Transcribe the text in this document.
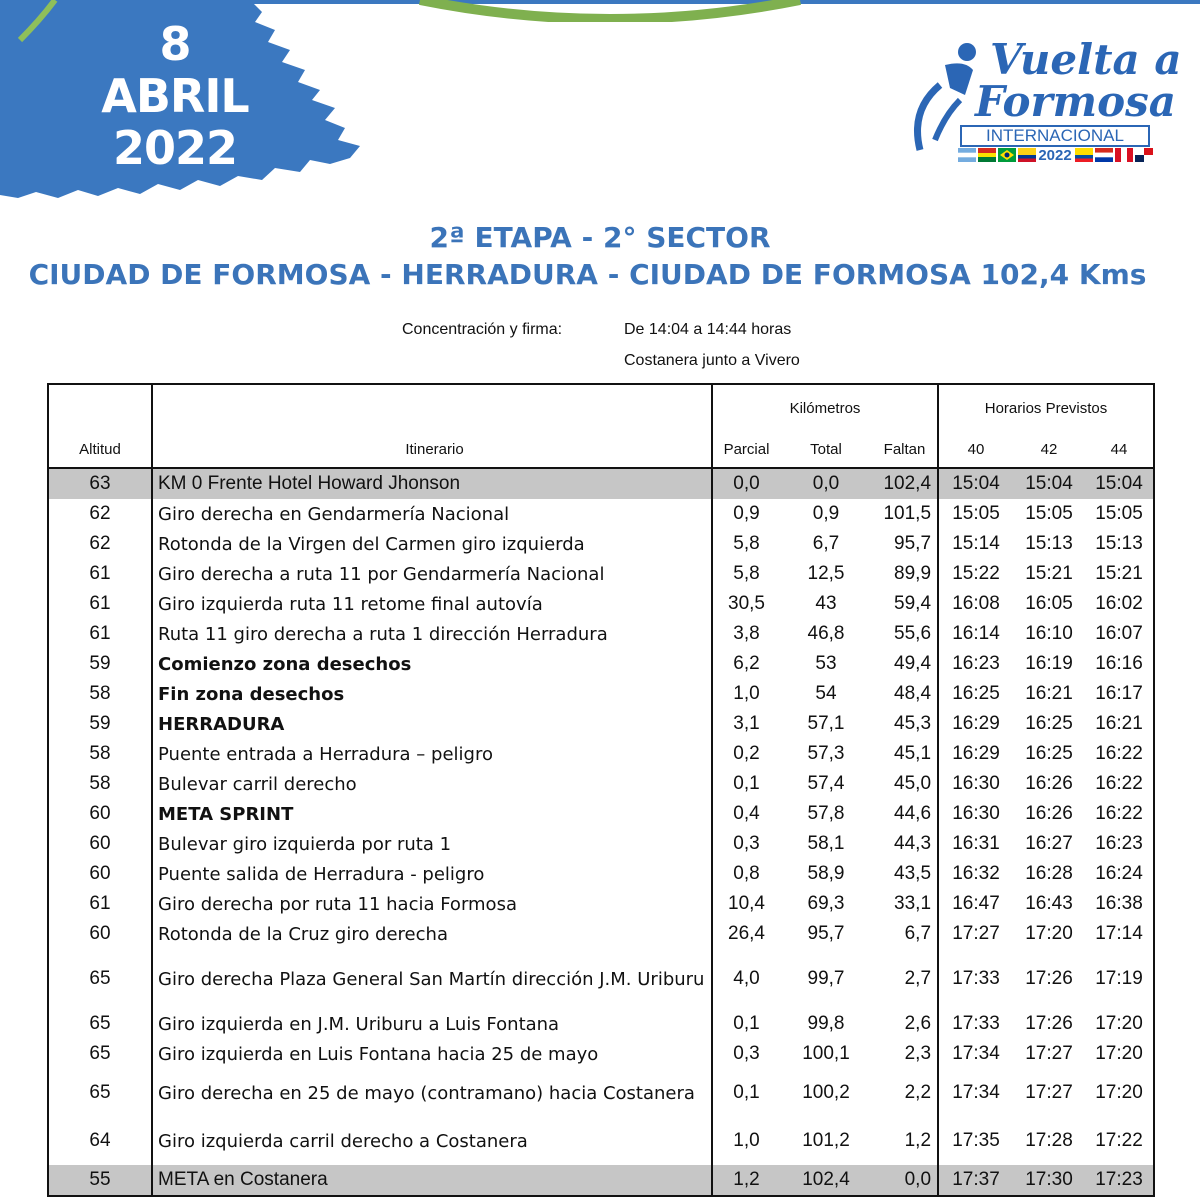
8
ABRIL
2022
Vuelta a
Formosa
INTERNACIONAL
2022
2ª ETAPA - 2° SECTOR
CIUDAD DE FORMOSA - HERRADURA - CIUDAD DE FORMOSA 102,4 Kms
Concentración y firma:	De 14:04 a 14:44 horas
Costanera junto a Vivero
		Kilómetros			Horarios Previstos		
Altitud	Itinerario	Parcial	Total	Faltan	40	42	44
63	KM 0 Frente Hotel Howard Jhonson	0,0	0,0	102,4	15:04	15:04	15:04
62	Giro derecha en Gendarmería Nacional	0,9	0,9	101,5	15:05	15:05	15:05
62	Rotonda de la Virgen del Carmen giro izquierda	5,8	6,7	95,7	15:14	15:13	15:13
61	Giro derecha a ruta 11 por Gendarmería Nacional	5,8	12,5	89,9	15:22	15:21	15:21
61	Giro izquierda ruta 11 retome final autovía	30,5	43	59,4	16:08	16:05	16:02
61	Ruta 11 giro derecha a ruta 1 dirección Herradura	3,8	46,8	55,6	16:14	16:10	16:07
59	Comienzo zona desechos	6,2	53	49,4	16:23	16:19	16:16
58	Fin zona desechos	1,0	54	48,4	16:25	16:21	16:17
59	HERRADURA	3,1	57,1	45,3	16:29	16:25	16:21
58	Puente entrada a Herradura – peligro	0,2	57,3	45,1	16:29	16:25	16:22
58	Bulevar carril derecho	0,1	57,4	45,0	16:30	16:26	16:22
60	META SPRINT	0,4	57,8	44,6	16:30	16:26	16:22
60	Bulevar giro izquierda por ruta 1	0,3	58,1	44,3	16:31	16:27	16:23
60	Puente salida de Herradura - peligro	0,8	58,9	43,5	16:32	16:28	16:24
61	Giro derecha por ruta 11 hacia Formosa	10,4	69,3	33,1	16:47	16:43	16:38
60	Rotonda de la Cruz giro derecha	26,4	95,7	6,7	17:27	17:20	17:14
65	Giro derecha Plaza General San Martín dirección J.M. Uriburu	4,0	99,7	2,7	17:33	17:26	17:19
65	Giro izquierda en J.M. Uriburu a Luis Fontana	0,1	99,8	2,6	17:33	17:26	17:20
65	Giro izquierda en Luis Fontana hacia 25 de mayo	0,3	100,1	2,3	17:34	17:27	17:20
65	Giro derecha en 25 de mayo (contramano) hacia Costanera	0,1	100,2	2,2	17:34	17:27	17:20
64	Giro izquierda carril derecho a Costanera	1,0	101,2	1,2	17:35	17:28	17:22
55	META en Costanera	1,2	102,4	0,0	17:37	17:30	17:23
